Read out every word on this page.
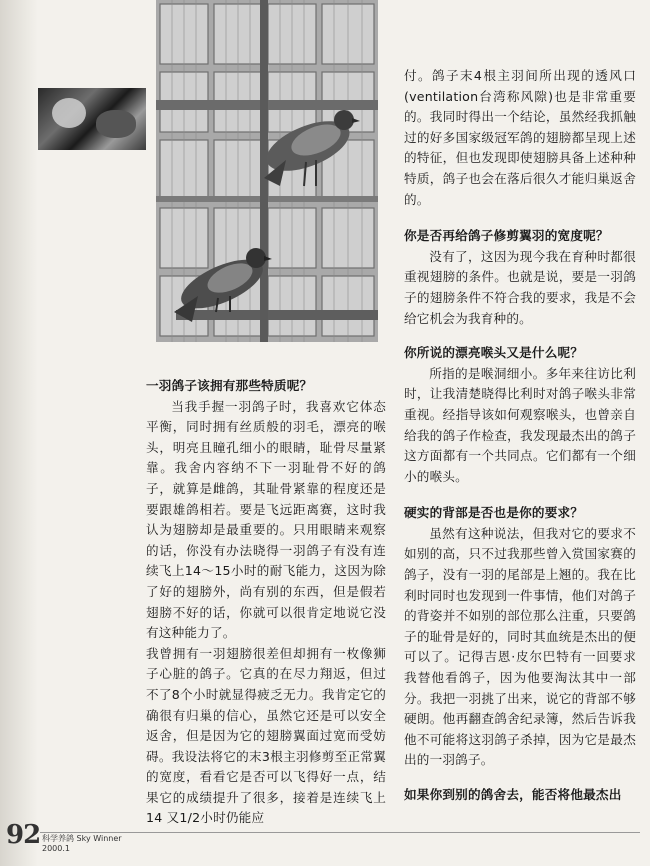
一羽鸽子该拥有那些特质呢？

当我手握一羽鸽子时，我喜欢它体态平衡，同时拥有丝质般的羽毛，漂亮的喉头，明亮且瞳孔细小的眼睛，耻骨尽量紧靠。我舍内容纳不下一羽耻骨不好的鸽子，就算是雌鸽，其耻骨紧靠的程度还是要跟雄鸽相若。要是飞远距离赛，这时我认为翅膀却是最重要的。只用眼睛来观察的话，你没有办法晓得一羽鸽子有没有连续飞上14～15小时的耐飞能力，这因为除了好的翅膀外，尚有别的东西，但是假若翅膀不好的话，你就可以很肯定地说它没有这种能力了。

我曾拥有一羽翅膀很差但却拥有一枚像狮子心脏的鸽子。它真的在尽力翔返，但过不了8个小时就显得疲乏无力。我肯定它的确很有归巢的信心，虽然它还是可以安全返舍，但是因为它的翅膀翼面过宽而受妨碍。我设法将它的末3根主羽修剪至正常翼的宽度，看看它是否可以飞得好一点，结果它的成绩提升了很多，接着是连续飞上14 又1/2小时仍能应

付。鸽子末4根主羽间所出现的透风口(ventilation台湾称风隙)也是非常重要的。我同时得出一个结论，虽然经我抓触过的好多国家级冠军鸽的翅膀都呈现上述的特征，但也发现即使翅膀具备上述种种特质，鸽子也会在落后很久才能归巢返舍的。

你是否再给鸽子修剪翼羽的宽度呢？

没有了，这因为现今我在育种时都很重视翅膀的条件。也就是说，要是一羽鸽子的翅膀条件不符合我的要求，我是不会给它机会为我育种的。

你所说的漂亮喉头又是什么呢？

所指的是喉洞细小。多年来往访比利时，让我清楚晓得比利时对鸽子喉头非常重视。经指导该如何观察喉头，也曾亲自给我的鸽子作检查，我发现最杰出的鸽子这方面都有一个共同点。它们都有一个细小的喉头。

硬实的背部是否也是你的要求？

虽然有这种说法，但我对它的要求不如别的高，只不过我那些曾入赏国家赛的鸽子，没有一羽的尾部是上翘的。我在比利时同时也发现到一件事情，他们对鸽子的背姿并不如别的部位那么注重，只要鸽子的耻骨是好的，同时其血统是杰出的便可以了。记得吉恩·皮尔巴特有一回要求我替他看鸽子，因为他要淘汰其中一部分。我把一羽挑了出来，说它的背部不够硬朗。他再翻查鸽舍纪录簿，然后告诉我他不可能将这羽鸽子杀掉，因为它是最杰出的一羽鸽子。

如果你到别的鸽舍去，能否将他最杰出

92 科学养鸽 Sky Winner
2000.1
